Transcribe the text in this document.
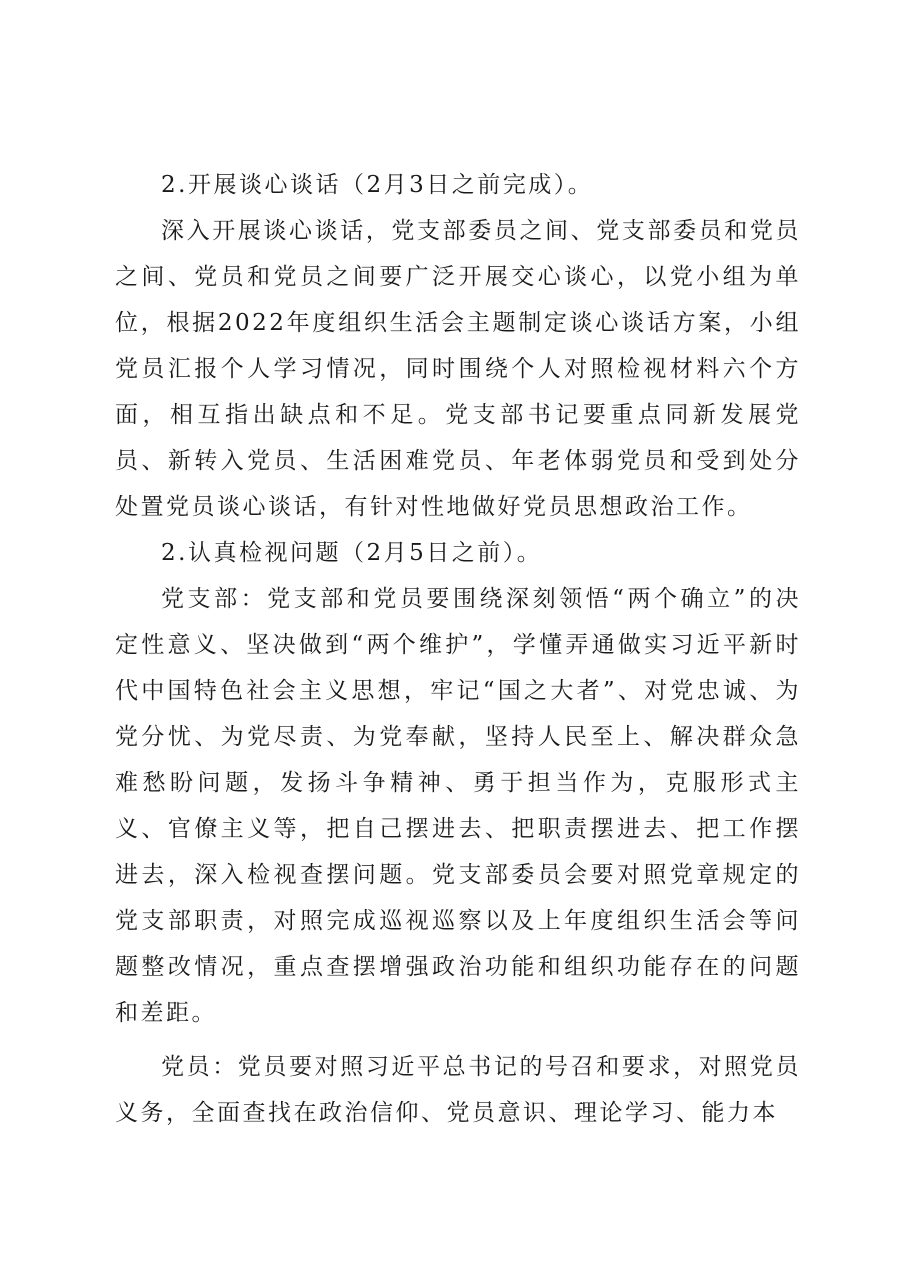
2.开展谈心谈话（2月3日之前完成）。

深入开展谈心谈话，党支部委员之间、党支部委员和党员之间、党员和党员之间要广泛开展交心谈心，以党小组为单位，根据2022年度组织生活会主题制定谈心谈话方案，小组党员汇报个人学习情况，同时围绕个人对照检视材料六个方面，相互指出缺点和不足。党支部书记要重点同新发展党员、新转入党员、生活困难党员、年老体弱党员和受到处分处置党员谈心谈话，有针对性地做好党员思想政治工作。

2.认真检视问题（2月5日之前）。

党支部：党支部和党员要围绕深刻领悟“两个确立”的决定性意义、坚决做到“两个维护”，学懂弄通做实习近平新时代中国特色社会主义思想，牢记“国之大者”、对党忠诚、为党分忧、为党尽责、为党奉献，坚持人民至上、解决群众急难愁盼问题，发扬斗争精神、勇于担当作为，克服形式主义、官僚主义等，把自己摆进去、把职责摆进去、把工作摆进去，深入检视查摆问题。党支部委员会要对照党章规定的党支部职责，对照完成巡视巡察以及上年度组织生活会等问题整改情况，重点查摆增强政治功能和组织功能存在的问题和差距。

党员：党员要对照习近平总书记的号召和要求，对照党员义务，全面查找在政治信仰、党员意识、理论学习、能力本
